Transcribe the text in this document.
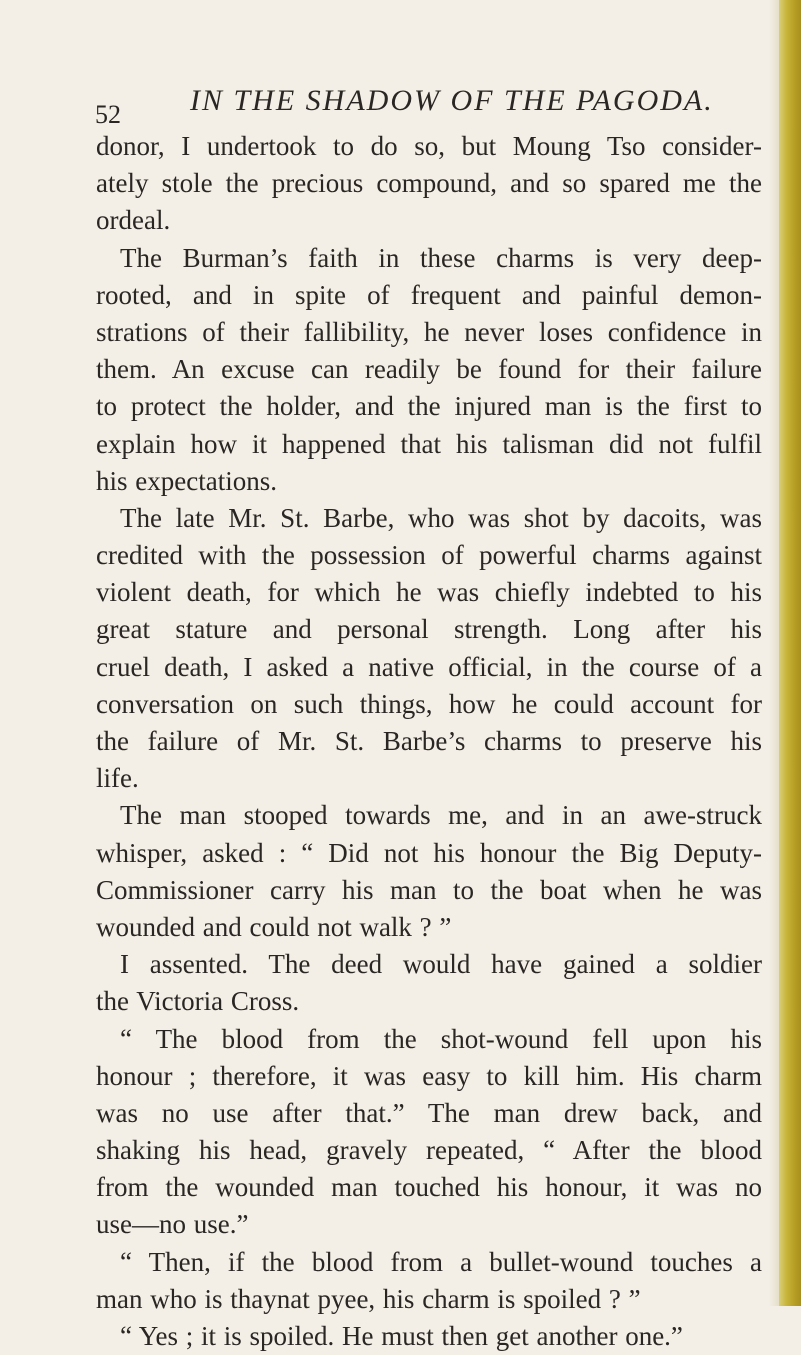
52 IN THE SHADOW OF THE PAGODA.
donor, I undertook to do so, but Moung Tso consider-
ately stole the precious compound, and so spared me the
ordeal.
The Burman’s faith in these charms is very deep-
rooted, and in spite of frequent and painful demon-
strations of their fallibility, he never loses confidence in
them. An excuse can readily be found for their failure
to protect the holder, and the injured man is the first to
explain how it happened that his talisman did not fulfil
his expectations.
The late Mr. St. Barbe, who was shot by dacoits, was
credited with the possession of powerful charms against
violent death, for which he was chiefly indebted to his
great stature and personal strength. Long after his
cruel death, I asked a native official, in the course of a
conversation on such things, how he could account for
the failure of Mr. St. Barbe’s charms to preserve his
life.
The man stooped towards me, and in an awe-struck
whisper, asked : “ Did not his honour the Big Deputy-
Commissioner carry his man to the boat when he was
wounded and could not walk ? ”
I assented. The deed would have gained a soldier
the Victoria Cross.
“ The blood from the shot-wound fell upon his
honour ; therefore, it was easy to kill him. His charm
was no use after that.” The man drew back, and
shaking his head, gravely repeated, “ After the blood
from the wounded man touched his honour, it was no
use—no use.”
“ Then, if the blood from a bullet-wound touches a
man who is thaynat pyee, his charm is spoiled ? ”
“ Yes ; it is spoiled. He must then get another one.”
